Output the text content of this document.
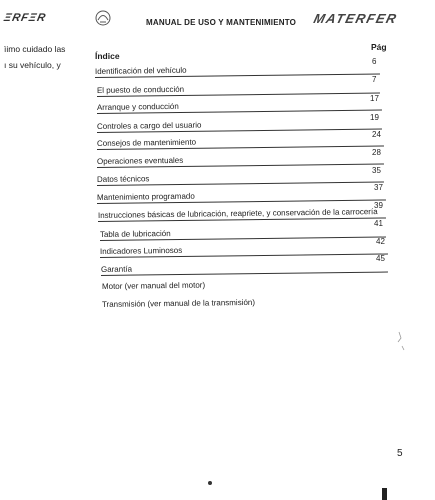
ΞRFΞR	MANUAL DE USO Y MANTENIMIENTO MATERFER
ìimo cuidado las
ı su vehículo, y
Índice
Pág
Identificación del vehículo
6
El puesto de conducción
7
Arranque y conducción
17
Controles a cargo del usuario
19
Consejos de mantenimiento
24
Operaciones eventuales
28
Datos técnicos
35
Mantenimiento programado
37
Instrucciones básicas de lubricación, reapriete, y conservación de la carrocería
39
Tabla de lubricación
41
Indicadores Luminosos
42
Garantía
45
Motor (ver manual del motor)
Transmisión (ver manual de la transmisión)
5
